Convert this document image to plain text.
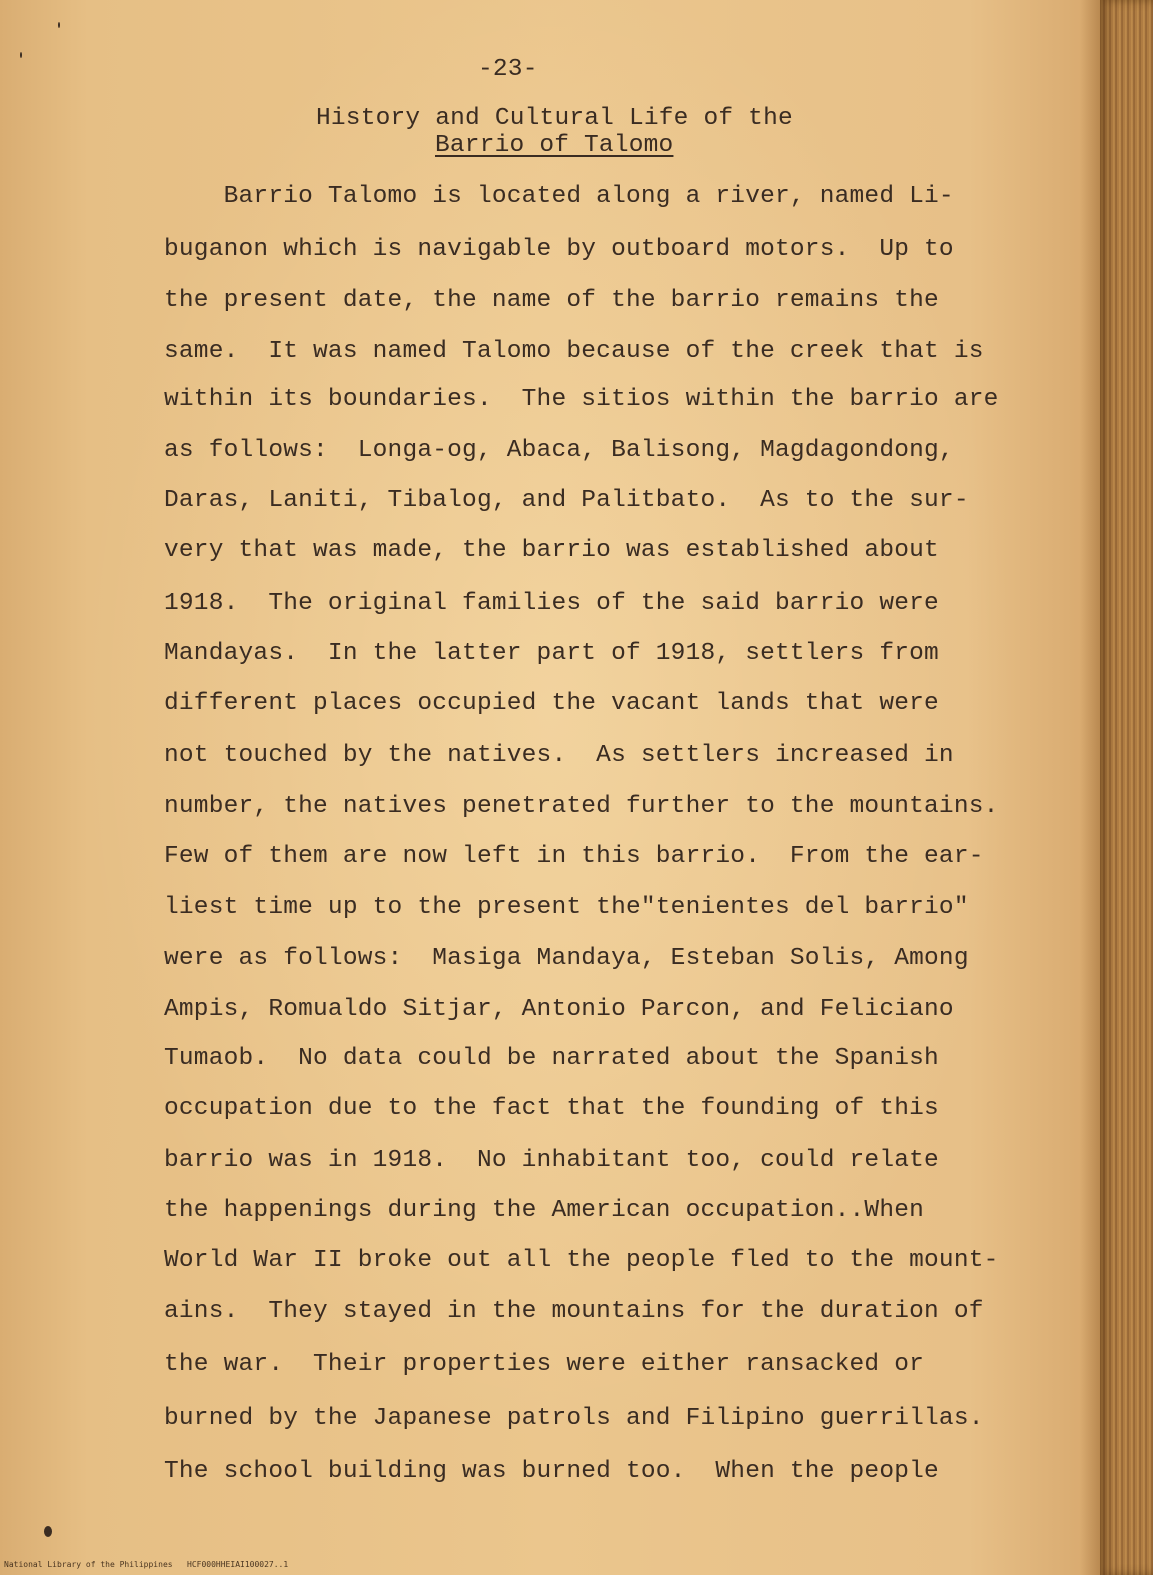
-23-
History and Cultural Life of the
Barrio of Talomo
Barrio Talomo is located along a river, named Li-
buganon which is navigable by outboard motors.  Up to
the present date, the name of the barrio remains the
same.  It was named Talomo because of the creek that is
within its boundaries.  The sitios within the barrio are
as follows:  Longa-og, Abaca, Balisong, Magdagondong,
Daras, Laniti, Tibalog, and Palitbato.  As to the sur-
very that was made, the barrio was established about
1918.  The original families of the said barrio were
Mandayas.  In the latter part of 1918, settlers from
different places occupied the vacant lands that were
not touched by the natives.  As settlers increased in
number, the natives penetrated further to the mountains.
Few of them are now left in this barrio.  From the ear-
liest time up to the present the"tenientes del barrio"
were as follows:  Masiga Mandaya, Esteban Solis, Among
Ampis, Romualdo Sitjar, Antonio Parcon, and Feliciano
Tumaob.  No data could be narrated about the Spanish
occupation due to the fact that the founding of this
barrio was in 1918.  No inhabitant too, could relate
the happenings during the American occupation..When
World War II broke out all the people fled to the mount-
ains.  They stayed in the mountains for the duration of
the war.  Their properties were either ransacked or
burned by the Japanese patrols and Filipino guerrillas.
The school building was burned too.  When the people
National Library of the Philippines   HCF000HHEIAI100027..1
